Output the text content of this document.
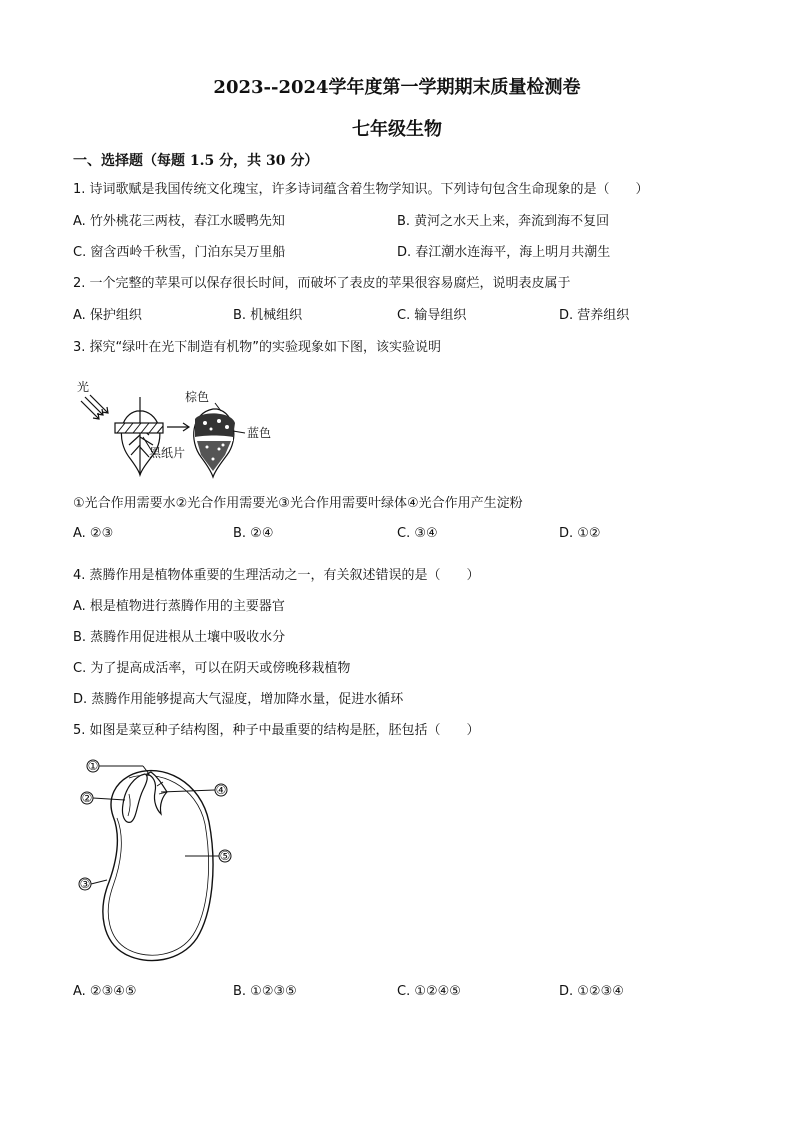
2023--2024学年度第一学期期末质量检测卷
七年级生物
一、选择题（每题 1.5 分，共 30 分）
1. 诗词歌赋是我国传统文化瑰宝，许多诗词蕴含着生物学知识。下列诗句包含生命现象的是（　　）
A. 竹外桃花三两枝，春江水暖鸭先知	B. 黄河之水天上来，奔流到海不复回
C. 窗含西岭千秋雪，门泊东吴万里船	D. 春江潮水连海平，海上明月共潮生
2. 一个完整的苹果可以保存很长时间，而破坏了表皮的苹果很容易腐烂，说明表皮属于
A. 保护组织	B. 机械组织	C. 输导组织	D. 营养组织
3. 探究“绿叶在光下制造有机物”的实验现象如下图，该实验说明
光
黑纸片
棕色
蓝色
①光合作用需要水②光合作用需要光③光合作用需要叶绿体④光合作用产生淀粉
A. ②③	B. ②④	C. ③④	D. ①②
4. 蒸腾作用是植物体重要的生理活动之一，有关叙述错误的是（　　）
A. 根是植物进行蒸腾作用的主要器官
B. 蒸腾作用促进根从土壤中吸收水分
C. 为了提高成活率，可以在阴天或傍晚移栽植物
D. 蒸腾作用能够提高大气湿度，增加降水量，促进水循环
5. 如图是菜豆种子结构图，种子中最重要的结构是胚，胚包括（　　）
①
②
③
④
⑤
A. ②③④⑤	B. ①②③⑤	C. ①②④⑤	D. ①②③④
